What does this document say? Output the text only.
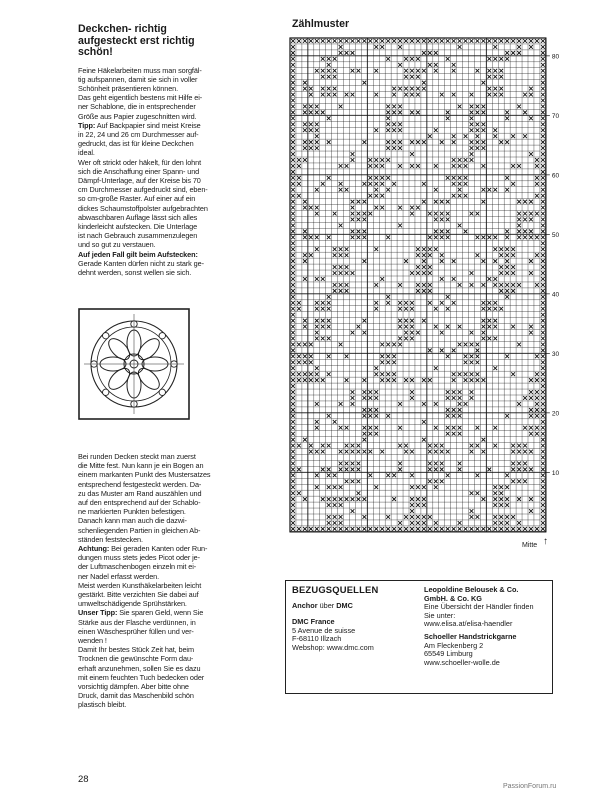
Deckchen- richtig
aufgesteckt erst richtig
schön!
Feine Häkelarbeiten muss man sorgfäl-
tig aufspannen, damit sie sich in voller
Schönheit präsentieren können.
Das geht eigentlich bestens mit Hilfe ei-
ner Schablone, die in entsprechender
Größe aus Papier zugeschnitten wird.
Tipp: Auf Backpapier sind meist Kreise
in 22, 24 und 26 cm Durchmesser auf-
gedruckt, das ist für kleine Deckchen
ideal.
Wer oft strickt oder häkelt, für den lohnt
sich die Anschaffung einer Spann- und
Dämpf-Unterlage, auf der Kreise bis 70
cm Durchmesser aufgedruckt sind, eben-
so cm-große Raster. Auf einer auf ein
dickes Schaumstoffpolster aufgebrachten
abwaschbaren Auflage lässt sich alles
kinderleicht aufstecken. Die Unterlage
ist nach Gebrauch zusammenzulegen
und so gut zu verstauen.
Auf jeden Fall gilt beim Aufstecken:
Gerade Kanten dürfen nicht zu stark ge-
dehnt werden, sonst wellen sie sich.
Bei runden Decken steckt man zuerst
die Mitte fest. Nun kann je ein Bogen an
einem markanten Punkt des Mustersatzes
entsprechend festgesteckt werden. Da-
zu das Muster am Rand auszählen und
auf den entsprechend auf der Schablo-
ne markierten Punkten befestigen.
Danach kann man auch die dazwi-
schenliegenden Partien in gleichen Ab-
ständen feststecken.
Achtung: Bei geraden Kanten oder Run-
dungen muss stets jedes Picot oder je-
der Luftmaschenbogen einzeln mit ei-
ner Nadel erfasst werden.
Meist werden Kunsthäkelarbeiten leicht
gestärkt. Bitte verzichten Sie dabei auf
umweltschädigende Sprühstärken.
Unser Tipp: Sie sparen Geld, wenn Sie
Stärke aus der Flasche verdünnen, in
einen Wäschesprüher füllen und ver-
wenden !
Damit Ihr bestes Stück Zeit hat, beim
Trocknen die gewünschte Form dau-
erhaft anzunehmen, sollen Sie es dazu
mit einem feuchten Tuch bedecken oder
vorsichtig dämpfen. Aber bitte ohne
Druck, damit das Maschenbild schön
plastisch bleibt.
Zählmuster
80
70
60
50
40
30
20
10
Mitte ↑
BEZUGSQUELLEN
Anchor über DMC
DMC France
5 Avenue de suisse
F-68110 Illzach
Webshop: www.dmc.com
Leopoldine Belousek & Co.
GmbH. & Co. KG
Eine Übersicht der Händler finden
Sie unter:
www.elisa.at/elisa-haendler
Schoeller Handstrickgarne
Am Fleckenberg 2
65549 Limburg
www.schoeller-wolle.de
28
PassionForum.ru
